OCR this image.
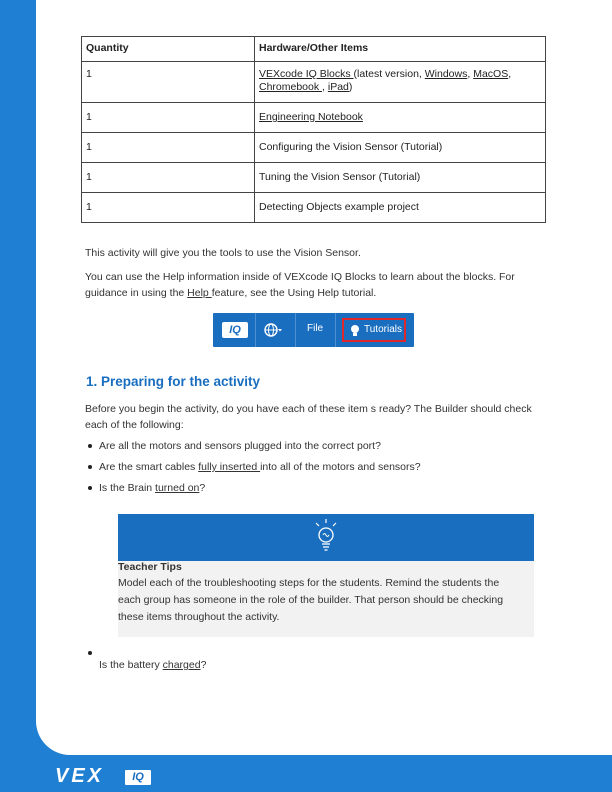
Quantity	Hardware/Other Items
1	VEXcode IQ Blocks (latest version, Windows, MacOS,
Chromebook , iPad)
1	Engineering Notebook
1	Configuring the Vision Sensor (Tutorial)
1	Tuning the Vision Sensor (Tutorial)
1	Detecting Objects example project
This activity will give you the tools to use the Vision Sensor.
You can use the Help information inside of VEXcode IQ Blocks to learn about the blocks. For guidance in using the Help feature, see the Using Help tutorial.
IQ	File	Tutorials
1. Preparing for the activity
Before you begin the activity, do you have each of these item s ready? The Builder should check each of the following:
Are all the motors and sensors plugged into the correct port?
Are the smart cables fully inserted into all of the motors and sensors?
Is the Brain turned on?
Teacher Tips
Model each of the troubleshooting steps for the students. Remind the students the each group has someone in the role of the builder. That person should be checking these items throughout the activity.
Is the battery charged?
VEX	IQ
